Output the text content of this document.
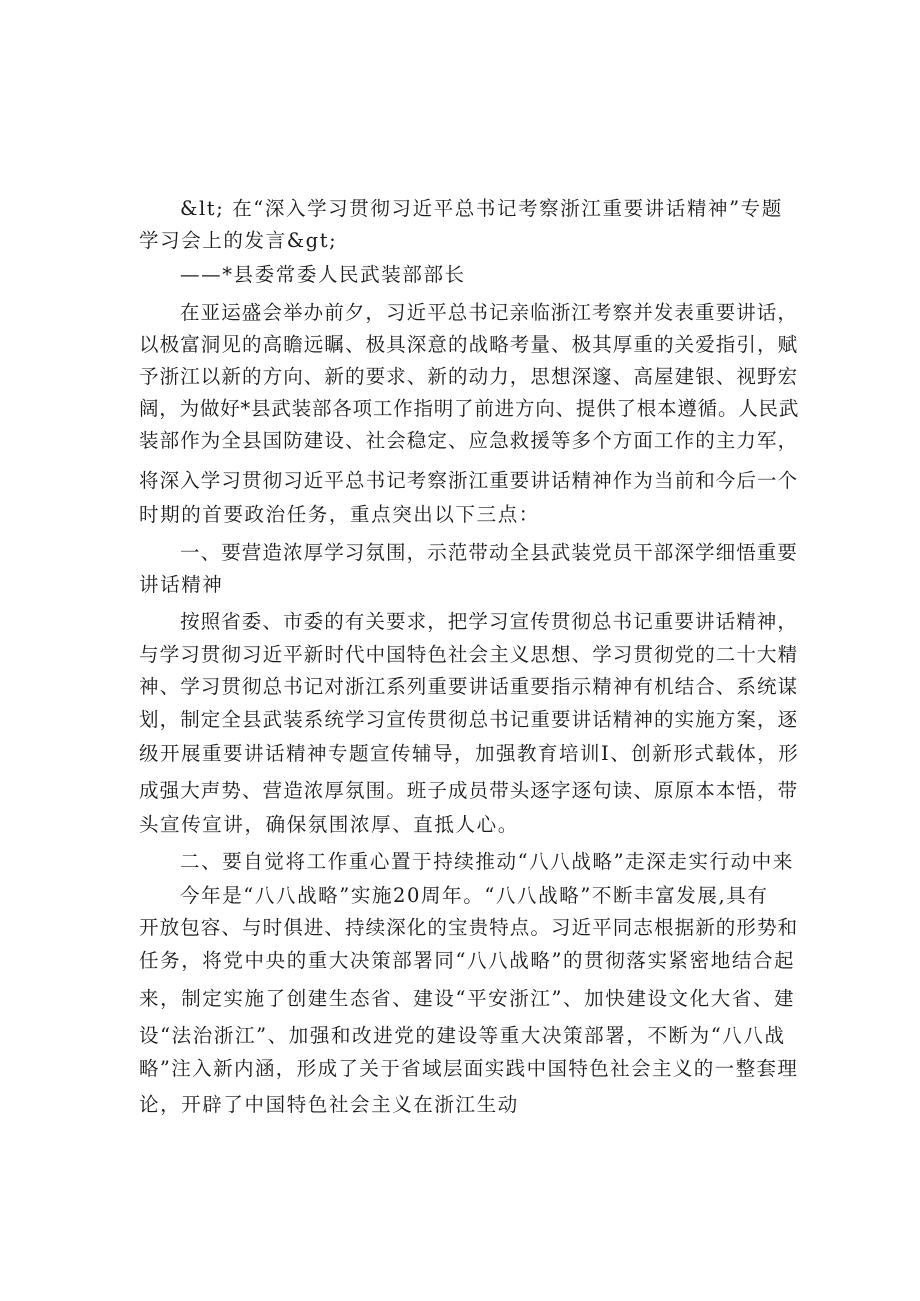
&lt; 在“深入学习贯彻习近平总书记考察浙江重要讲话精神”专题
学习会上的发言&gt;
——*县委常委人民武装部部长
在亚运盛会举办前夕，习近平总书记亲临浙江考察并发表重要讲话，
以极富洞见的高瞻远瞩、极具深意的战略考量、极其厚重的关爱指引，赋
予浙江以新的方向、新的要求、新的动力，思想深邃、高屋建银、视野宏
阔，为做好*县武装部各项工作指明了前进方向、提供了根本遵循。人民武
装部作为全县国防建设、社会稳定、应急救援等多个方面工作的主力军，
将深入学习贯彻习近平总书记考察浙江重要讲话精神作为当前和今后一个
时期的首要政治任务，重点突出以下三点：
一、要营造浓厚学习氛围，示范带动全县武装党员干部深学细悟重要
讲话精神
按照省委、市委的有关要求，把学习宣传贯彻总书记重要讲话精神，
与学习贯彻习近平新时代中国特色社会主义思想、学习贯彻党的二十大精
神、学习贯彻总书记对浙江系列重要讲话重要指示精神有机结合、系统谋
划，制定全县武装系统学习宣传贯彻总书记重要讲话精神的实施方案，逐
级开展重要讲话精神专题宣传辅导，加强教育培训I、创新形式载体，形
成强大声势、营造浓厚氛围。班子成员带头逐字逐句读、原原本本悟，带
头宣传宣讲，确保氛围浓厚、直抵人心。
二、要自觉将工作重心置于持续推动“八八战略”走深走实行动中来
今年是“八八战略”实施20周年。“八八战略”不断丰富发展,具有
开放包容、与时俱进、持续深化的宝贵特点。习近平同志根据新的形势和
任务，将党中央的重大决策部署同“八八战略”的贯彻落实紧密地结合起
来，制定实施了创建生态省、建设“平安浙江”、加快建设文化大省、建
设“法治浙江”、加强和改进党的建设等重大决策部署，不断为“八八战
略”注入新内涵，形成了关于省域层面实践中国特色社会主义的一整套理
论，开辟了中国特色社会主义在浙江生动
